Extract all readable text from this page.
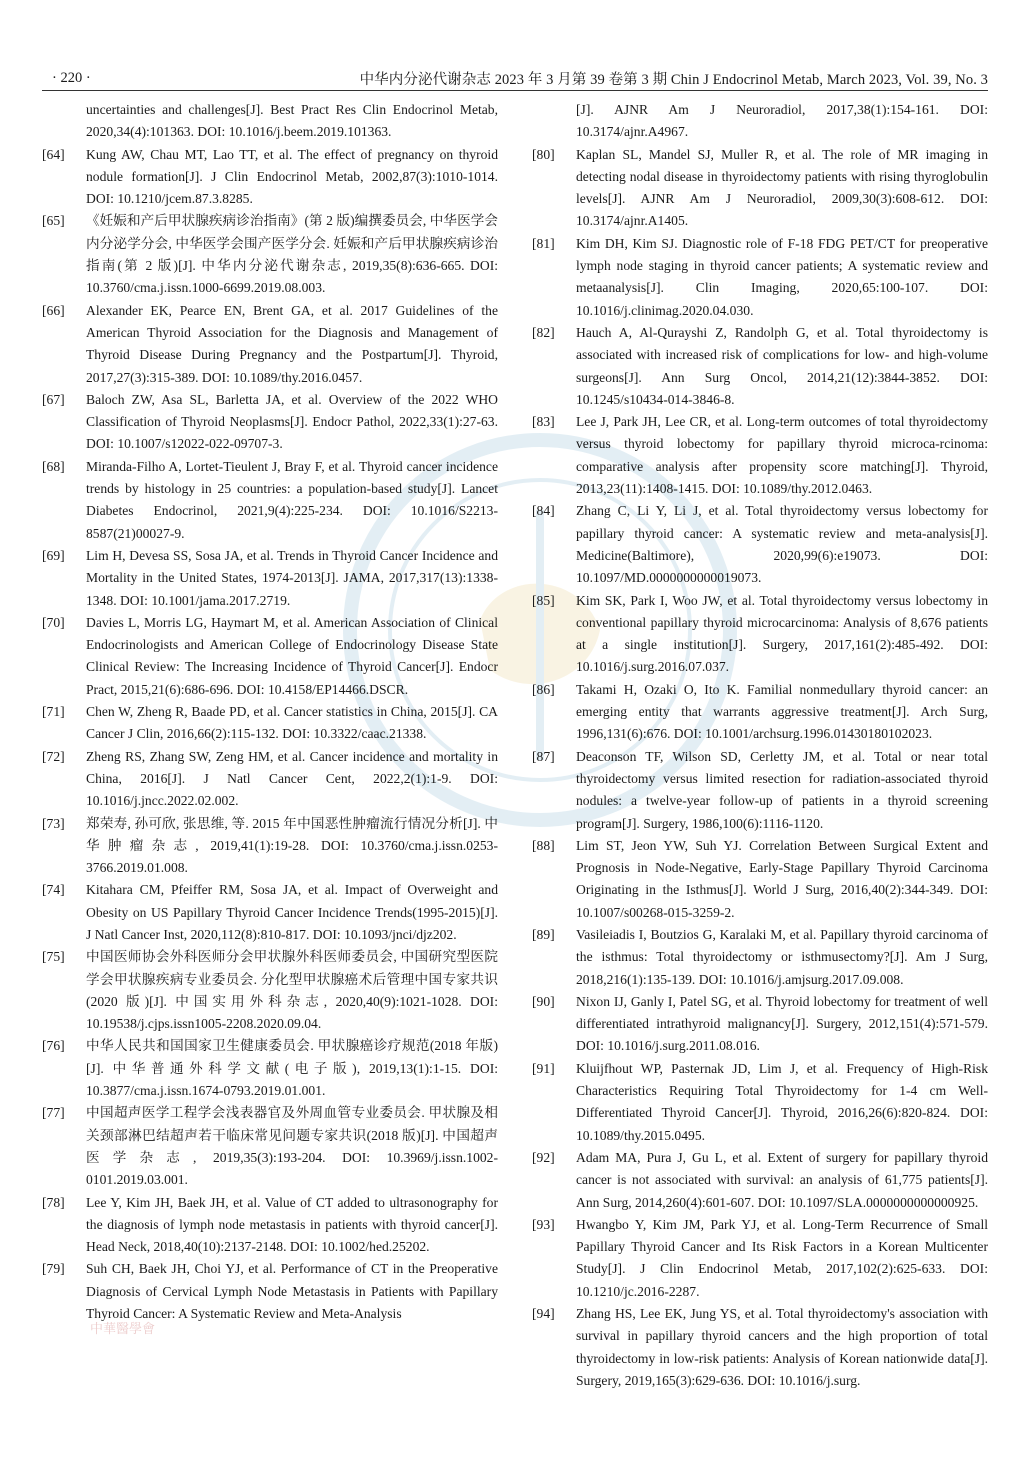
· 220 ·	中华内分泌代谢杂志 2023 年 3 月第 39 卷第 3 期 Chin J Endocrinol Metab, March 2023, Vol. 39, No. 3
uncertainties and challenges[J]. Best Pract Res Clin Endocrinol Metab, 2020,34(4):101363. DOI: 10.1016/j.beem.2019.101363.
[64]	Kung AW, Chau MT, Lao TT, et al. The effect of pregnancy on thyroid nodule formation[J]. J Clin Endocrinol Metab, 2002,87(3):1010-1014. DOI: 10.1210/jcem.87.3.8285.
[65]	《妊娠和产后甲状腺疾病诊治指南》(第 2 版)编撰委员会, 中华医学会内分泌学分会, 中华医学会围产医学分会. 妊娠和产后甲状腺疾病诊治指南(第 2 版)[J]. 中华内分泌代谢杂志, 2019,35(8):636-665. DOI: 10.3760/cma.j.issn.1000-6699.2019.08.003.
[66]	Alexander EK, Pearce EN, Brent GA, et al. 2017 Guidelines of the American Thyroid Association for the Diagnosis and Management of Thyroid Disease During Pregnancy and the Postpartum[J]. Thyroid, 2017,27(3):315-389. DOI: 10.1089/thy.2016.0457.
[67]	Baloch ZW, Asa SL, Barletta JA, et al. Overview of the 2022 WHO Classification of Thyroid Neoplasms[J]. Endocr Pathol, 2022,33(1):27-63. DOI: 10.1007/s12022-022-09707-3.
[68]	Miranda-Filho A, Lortet-Tieulent J, Bray F, et al. Thyroid cancer incidence trends by histology in 25 countries: a population-based study[J]. Lancet Diabetes Endocrinol, 2021,9(4):225-234. DOI: 10.1016/S2213-8587(21)00027-9.
[69]	Lim H, Devesa SS, Sosa JA, et al. Trends in Thyroid Cancer Incidence and Mortality in the United States, 1974-2013[J]. JAMA, 2017,317(13):1338-1348. DOI: 10.1001/jama.2017.2719.
[70]	Davies L, Morris LG, Haymart M, et al. American Association of Clinical Endocrinologists and American College of Endocrinology Disease State Clinical Review: The Increasing Incidence of Thyroid Cancer[J]. Endocr Pract, 2015,21(6):686-696. DOI: 10.4158/EP14466.DSCR.
[71]	Chen W, Zheng R, Baade PD, et al. Cancer statistics in China, 2015[J]. CA Cancer J Clin, 2016,66(2):115-132. DOI: 10.3322/caac.21338.
[72]	Zheng RS, Zhang SW, Zeng HM, et al. Cancer incidence and mortality in China, 2016[J]. J Natl Cancer Cent, 2022,2(1):1-9. DOI: 10.1016/j.jncc.2022.02.002.
[73]	郑荣寿, 孙可欣, 张思维, 等. 2015 年中国恶性肿瘤流行情况分析[J]. 中华肿瘤杂志, 2019,41(1):19-28. DOI: 10.3760/cma.j.issn.0253-3766.2019.01.008.
[74]	Kitahara CM, Pfeiffer RM, Sosa JA, et al. Impact of Overweight and Obesity on US Papillary Thyroid Cancer Incidence Trends(1995-2015)[J]. J Natl Cancer Inst, 2020,112(8):810-817. DOI: 10.1093/jnci/djz202.
[75]	中国医师协会外科医师分会甲状腺外科医师委员会, 中国研究型医院学会甲状腺疾病专业委员会. 分化型甲状腺癌术后管理中国专家共识(2020 版)[J]. 中国实用外科杂志, 2020,40(9):1021-1028. DOI: 10.19538/j.cjps.issn1005-2208.2020.09.04.
[76]	中华人民共和国国家卫生健康委员会. 甲状腺癌诊疗规范(2018 年版)[J]. 中华普通外科学文献(电子版), 2019,13(1):1-15. DOI: 10.3877/cma.j.issn.1674-0793.2019.01.001.
[77]	中国超声医学工程学会浅表器官及外周血管专业委员会. 甲状腺及相关颈部淋巴结超声若干临床常见问题专家共识(2018 版)[J]. 中国超声医学杂志, 2019,35(3):193-204. DOI: 10.3969/j.issn.1002-0101.2019.03.001.
[78]	Lee Y, Kim JH, Baek JH, et al. Value of CT added to ultrasonography for the diagnosis of lymph node metastasis in patients with thyroid cancer[J]. Head Neck, 2018,40(10):2137-2148. DOI: 10.1002/hed.25202.
[79]	Suh CH, Baek JH, Choi YJ, et al. Performance of CT in the Preoperative Diagnosis of Cervical Lymph Node Metastasis in Patients with Papillary Thyroid Cancer: A Systematic Review and Meta-Analysis
[J]. AJNR Am J Neuroradiol, 2017,38(1):154-161. DOI: 10.3174/ajnr.A4967.
[80]	Kaplan SL, Mandel SJ, Muller R, et al. The role of MR imaging in detecting nodal disease in thyroidectomy patients with rising thyroglobulin levels[J]. AJNR Am J Neuroradiol, 2009,30(3):608-612. DOI: 10.3174/ajnr.A1405.
[81]	Kim DH, Kim SJ. Diagnostic role of F-18 FDG PET/CT for preoperative lymph node staging in thyroid cancer patients; A systematic review and metaanalysis[J]. Clin Imaging, 2020,65:100-107. DOI: 10.1016/j.clinimag.2020.04.030.
[82]	Hauch A, Al-Qurayshi Z, Randolph G, et al. Total thyroidectomy is associated with increased risk of complications for low- and high-volume surgeons[J]. Ann Surg Oncol, 2014,21(12):3844-3852. DOI: 10.1245/s10434-014-3846-8.
[83]	Lee J, Park JH, Lee CR, et al. Long-term outcomes of total thyroidectomy versus thyroid lobectomy for papillary thyroid microca-rcinoma: comparative analysis after propensity score matching[J]. Thyroid, 2013,23(11):1408-1415. DOI: 10.1089/thy.2012.0463.
[84]	Zhang C, Li Y, Li J, et al. Total thyroidectomy versus lobectomy for papillary thyroid cancer: A systematic review and meta-analysis[J]. Medicine(Baltimore), 2020,99(6):e19073. DOI: 10.1097/MD.0000000000019073.
[85]	Kim SK, Park I, Woo JW, et al. Total thyroidectomy versus lobectomy in conventional papillary thyroid microcarcinoma: Analysis of 8,676 patients at a single institution[J]. Surgery, 2017,161(2):485-492. DOI: 10.1016/j.surg.2016.07.037.
[86]	Takami H, Ozaki O, Ito K. Familial nonmedullary thyroid cancer: an emerging entity that warrants aggressive treatment[J]. Arch Surg, 1996,131(6):676. DOI: 10.1001/archsurg.1996.01430180102023.
[87]	Deaconson TF, Wilson SD, Cerletty JM, et al. Total or near total thyroidectomy versus limited resection for radiation-associated thyroid nodules: a twelve-year follow-up of patients in a thyroid screening program[J]. Surgery, 1986,100(6):1116-1120.
[88]	Lim ST, Jeon YW, Suh YJ. Correlation Between Surgical Extent and Prognosis in Node-Negative, Early-Stage Papillary Thyroid Carcinoma Originating in the Isthmus[J]. World J Surg, 2016,40(2):344-349. DOI: 10.1007/s00268-015-3259-2.
[89]	Vasileiadis I, Boutzios G, Karalaki M, et al. Papillary thyroid carcinoma of the isthmus: Total thyroidectomy or isthmusectomy?[J]. Am J Surg, 2018,216(1):135-139. DOI: 10.1016/j.amjsurg.2017.09.008.
[90]	Nixon IJ, Ganly I, Patel SG, et al. Thyroid lobectomy for treatment of well differentiated intrathyroid malignancy[J]. Surgery, 2012,151(4):571-579. DOI: 10.1016/j.surg.2011.08.016.
[91]	Kluijfhout WP, Pasternak JD, Lim J, et al. Frequency of High-Risk Characteristics Requiring Total Thyroidectomy for 1-4 cm Well-Differentiated Thyroid Cancer[J]. Thyroid, 2016,26(6):820-824. DOI: 10.1089/thy.2015.0495.
[92]	Adam MA, Pura J, Gu L, et al. Extent of surgery for papillary thyroid cancer is not associated with survival: an analysis of 61,775 patients[J]. Ann Surg, 2014,260(4):601-607. DOI: 10.1097/SLA.0000000000000925.
[93]	Hwangbo Y, Kim JM, Park YJ, et al. Long-Term Recurrence of Small Papillary Thyroid Cancer and Its Risk Factors in a Korean Multicenter Study[J]. J Clin Endocrinol Metab, 2017,102(2):625-633. DOI: 10.1210/jc.2016-2287.
[94]	Zhang HS, Lee EK, Jung YS, et al. Total thyroidectomy's association with survival in papillary thyroid cancers and the high proportion of total thyroidectomy in low-risk patients: Analysis of Korean nationwide data[J]. Surgery, 2019,165(3):629-636. DOI: 10.1016/j.surg.
中華醫學會
